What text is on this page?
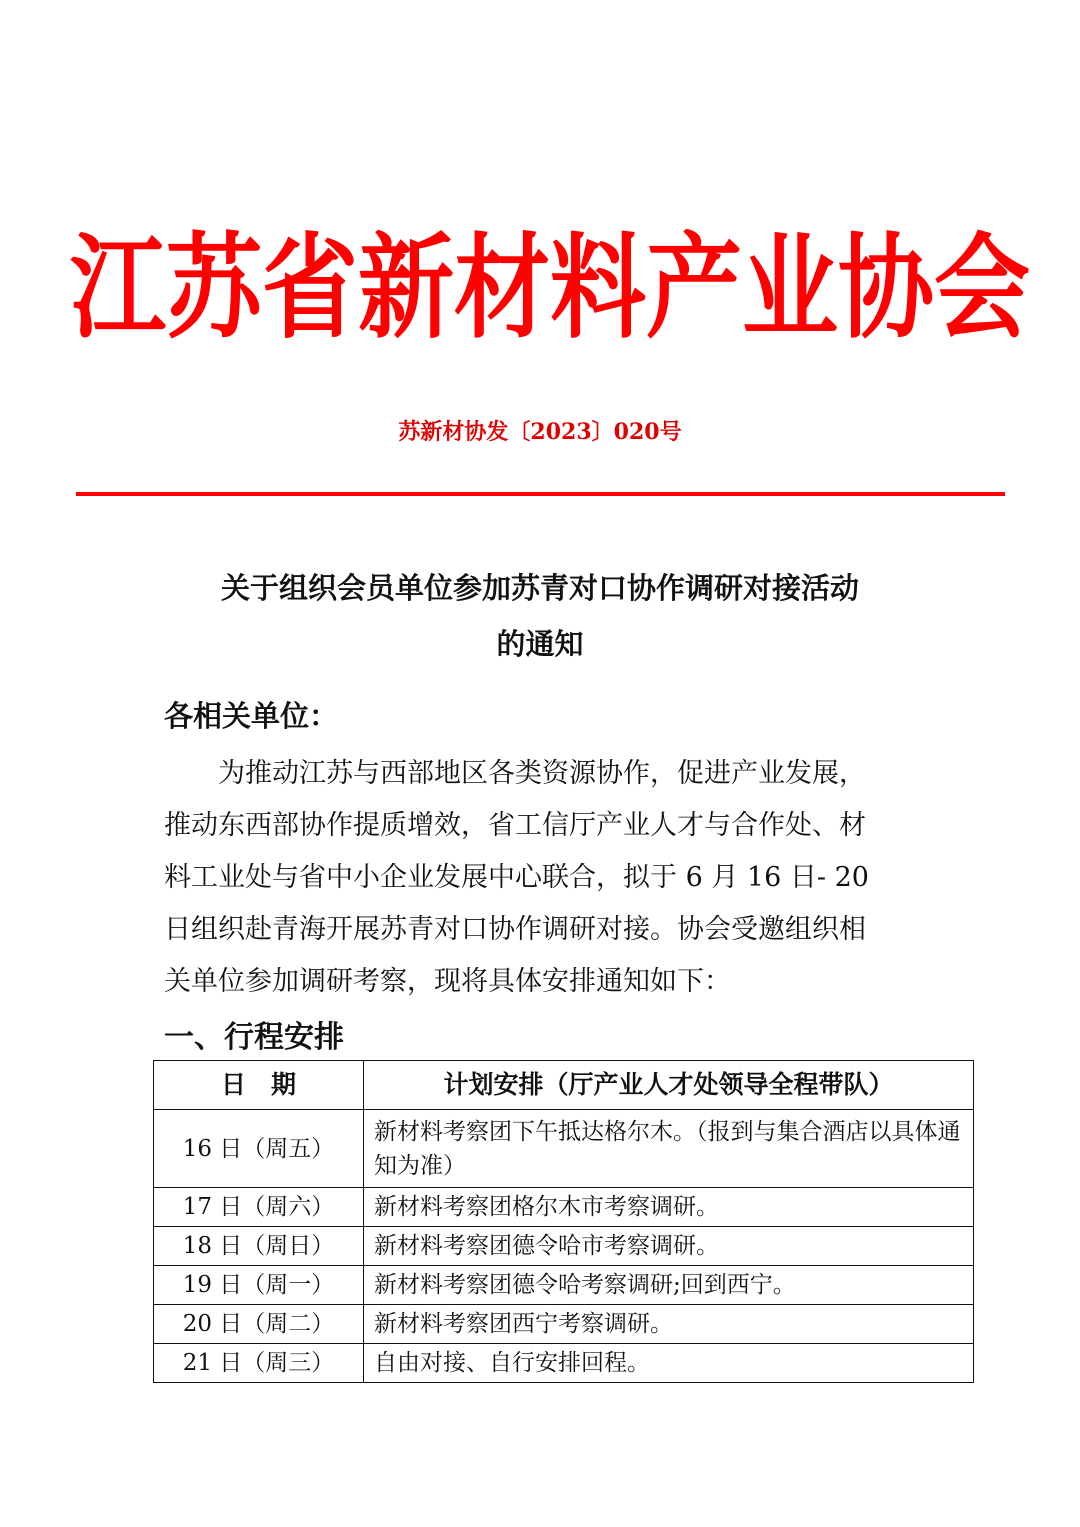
江 苏 省 新 材 料 产 业 协 会
苏新材协发〔2023〕020号
关于组织会员单位参加苏青对口协作调研对接活动
的通知
各相关单位：
为推动江苏与西部地区各类资源协作，促进产业发展，
推动东西部协作提质增效，省工信厅产业人才与合作处、材
料工业处与省中小企业发展中心联合，拟于 6 月 16 日- 20
日组织赴青海开展苏青对口协作调研对接。协会受邀组织相
关单位参加调研考察，现将具体安排通知如下：
一、行程安排
日　期	计划安排（厅产业人才处领导全程带队）
16 日（周五）	新材料考察团下午抵达格尔木。（报到与集合酒店以具体通知为准）
17 日（周六）	新材料考察团格尔木市考察调研。
18 日（周日）	新材料考察团德令哈市考察调研。
19 日（周一）	新材料考察团德令哈考察调研;回到西宁。
20 日（周二）	新材料考察团西宁考察调研。
21 日（周三）	自由对接、自行安排回程。
